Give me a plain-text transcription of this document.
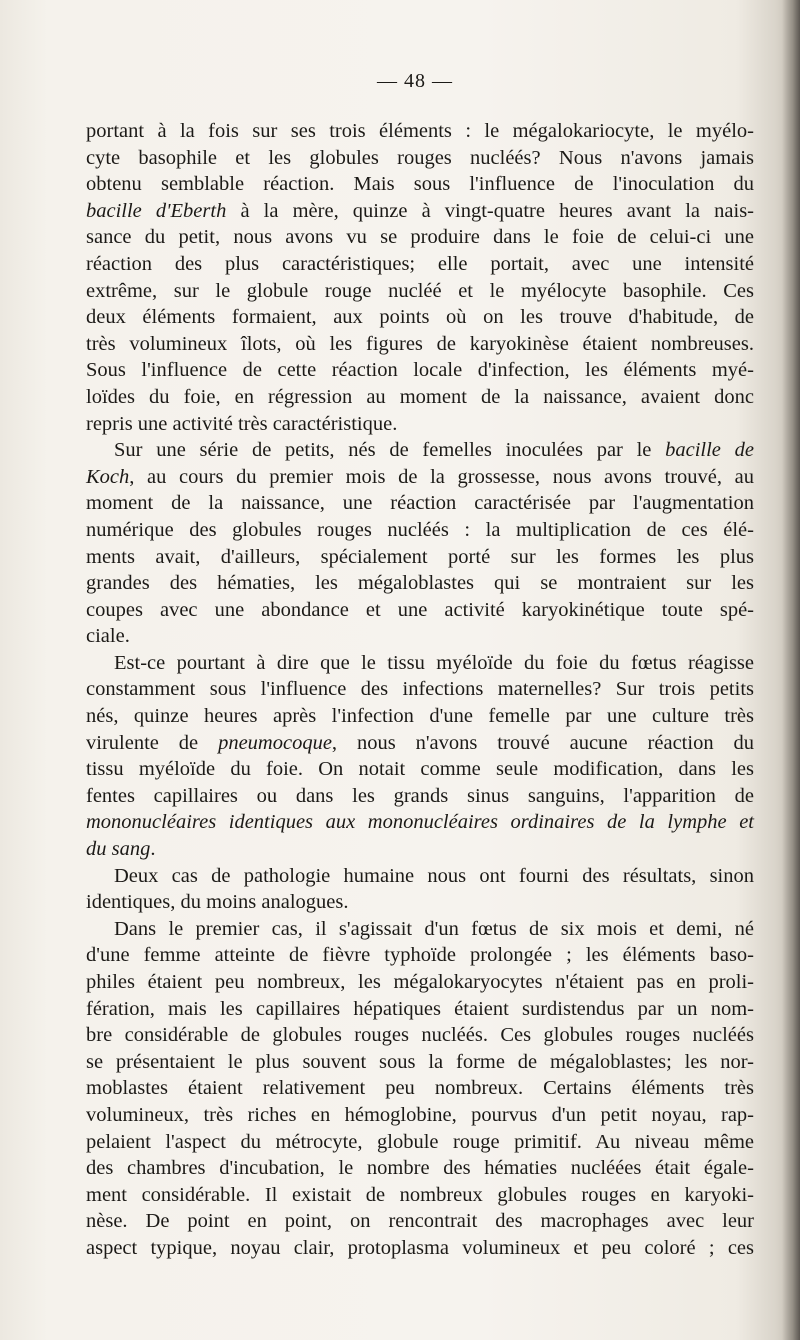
— 48 —
portant à la fois sur ses trois éléments : le mégalokariocyte, le myélo-
cyte basophile et les globules rouges nucléés? Nous n'avons jamais
obtenu semblable réaction. Mais sous l'influence de l'inoculation du
bacille d'Eberth à la mère, quinze à vingt-quatre heures avant la nais-
sance du petit, nous avons vu se produire dans le foie de celui-ci une
réaction des plus caractéristiques; elle portait, avec une intensité
extrême, sur le globule rouge nucléé et le myélocyte basophile. Ces
deux éléments formaient, aux points où on les trouve d'habitude, de
très volumineux îlots, où les figures de karyokinèse étaient nombreuses.
Sous l'influence de cette réaction locale d'infection, les éléments myé-
loïdes du foie, en régression au moment de la naissance, avaient donc
repris une activité très caractéristique.
Sur une série de petits, nés de femelles inoculées par le bacille de
Koch, au cours du premier mois de la grossesse, nous avons trouvé, au
moment de la naissance, une réaction caractérisée par l'augmentation
numérique des globules rouges nucléés : la multiplication de ces élé-
ments avait, d'ailleurs, spécialement porté sur les formes les plus
grandes des hématies, les mégaloblastes qui se montraient sur les
coupes avec une abondance et une activité karyokinétique toute spé-
ciale.
Est-ce pourtant à dire que le tissu myéloïde du foie du fœtus réagisse
constamment sous l'influence des infections maternelles? Sur trois petits
nés, quinze heures après l'infection d'une femelle par une culture très
virulente de pneumocoque, nous n'avons trouvé aucune réaction du
tissu myéloïde du foie. On notait comme seule modification, dans les
fentes capillaires ou dans les grands sinus sanguins, l'apparition de
mononucléaires identiques aux mononucléaires ordinaires de la lymphe et
du sang.
Deux cas de pathologie humaine nous ont fourni des résultats, sinon
identiques, du moins analogues.
Dans le premier cas, il s'agissait d'un fœtus de six mois et demi, né
d'une femme atteinte de fièvre typhoïde prolongée ; les éléments baso-
philes étaient peu nombreux, les mégalokaryocytes n'étaient pas en proli-
fération, mais les capillaires hépatiques étaient surdistendus par un nom-
bre considérable de globules rouges nucléés. Ces globules rouges nucléés
se présentaient le plus souvent sous la forme de mégaloblastes; les nor-
moblastes étaient relativement peu nombreux. Certains éléments très
volumineux, très riches en hémoglobine, pourvus d'un petit noyau, rap-
pelaient l'aspect du métrocyte, globule rouge primitif. Au niveau même
des chambres d'incubation, le nombre des hématies nucléées était égale-
ment considérable. Il existait de nombreux globules rouges en karyoki-
nèse. De point en point, on rencontrait des macrophages avec leur
aspect typique, noyau clair, protoplasma volumineux et peu coloré ; ces
